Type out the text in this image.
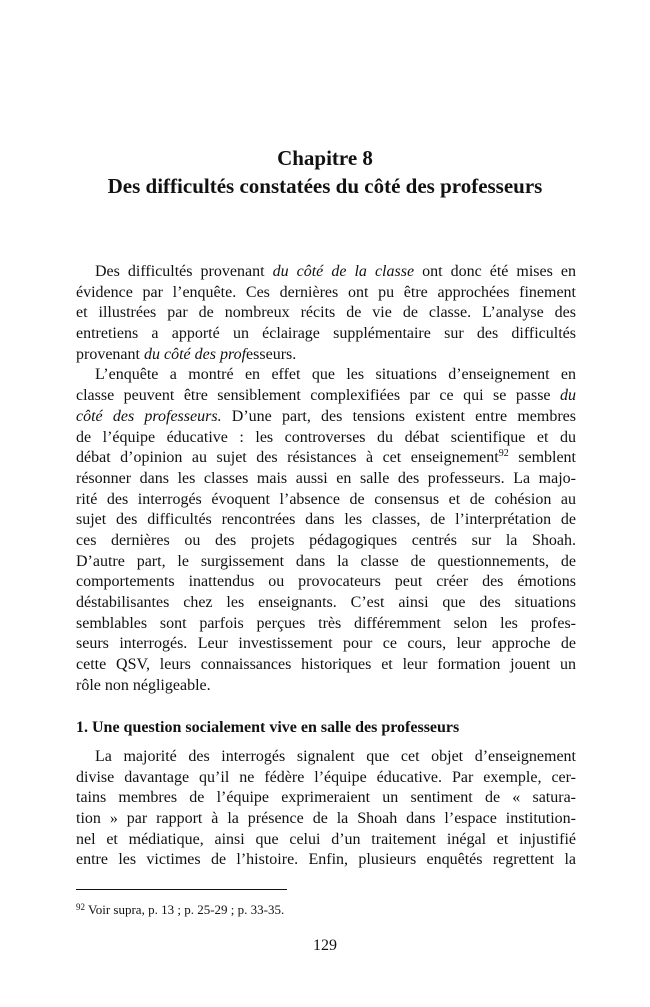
Chapitre 8
Des difficultés constatées du côté des professeurs
Des difficultés provenant du côté de la classe ont donc été mises en
évidence par l’enquête. Ces dernières ont pu être approchées finement
et illustrées par de nombreux récits de vie de classe. L’analyse des
entretiens a apporté un éclairage supplémentaire sur des difficultés
provenant du côté des professeurs.
L’enquête a montré en effet que les situations d’enseignement en
classe peuvent être sensiblement complexifiées par ce qui se passe du
côté des professeurs. D’une part, des tensions existent entre membres
de l’équipe éducative : les controverses du débat scientifique et du
débat d’opinion au sujet des résistances à cet enseignement$^{92}$ semblent
résonner dans les classes mais aussi en salle des professeurs. La majo-
rité des interrogés évoquent l’absence de consensus et de cohésion au
sujet des difficultés rencontrées dans les classes, de l’interprétation de
ces dernières ou des projets pédagogiques centrés sur la Shoah.
D’autre part, le surgissement dans la classe de questionnements, de
comportements inattendus ou provocateurs peut créer des émotions
déstabilisantes chez les enseignants. C’est ainsi que des situations
semblables sont parfois perçues très différemment selon les profes-
seurs interrogés. Leur investissement pour ce cours, leur approche de
cette QSV, leurs connaissances historiques et leur formation jouent un
rôle non négligeable.
1. Une question socialement vive en salle des professeurs
La majorité des interrogés signalent que cet objet d’enseignement
divise davantage qu’il ne fédère l’équipe éducative. Par exemple, cer-
tains membres de l’équipe exprimeraient un sentiment de « satura-
tion » par rapport à la présence de la Shoah dans l’espace institution-
nel et médiatique, ainsi que celui d’un traitement inégal et injustifié
entre les victimes de l’histoire. Enfin, plusieurs enquêtés regrettent la
$^{92}$ Voir supra, p. 13 ; p. 25-29 ; p. 33-35.
129
